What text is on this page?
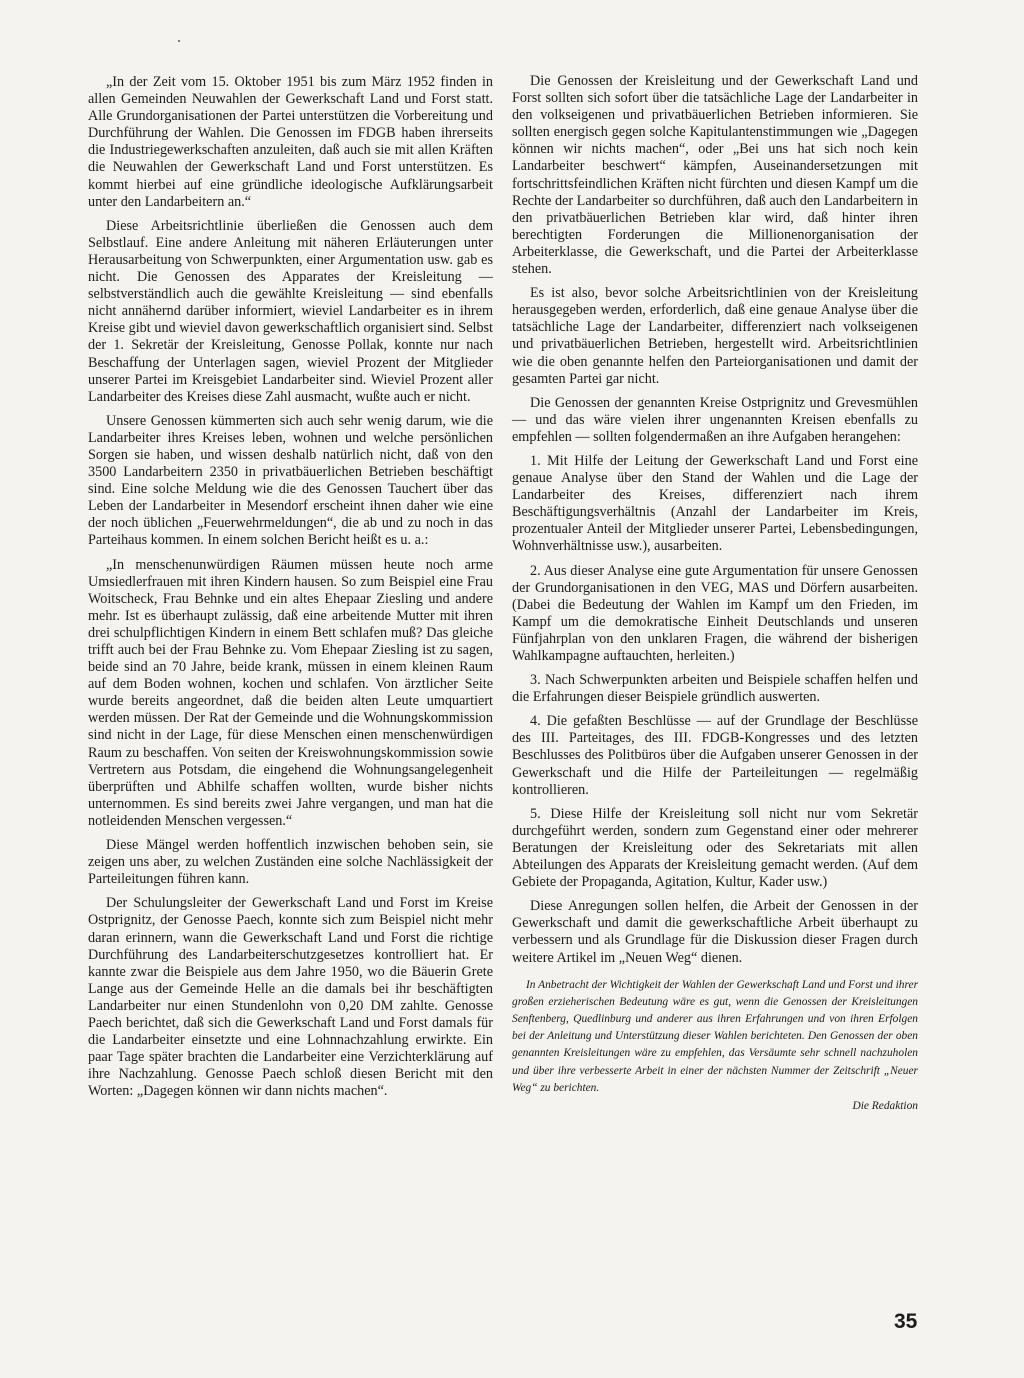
„In der Zeit vom 15. Oktober 1951 bis zum März 1952 finden in allen Gemeinden Neuwahlen der Gewerkschaft Land und Forst statt. Alle Grundorganisationen der Partei unterstützen die Vorbereitung und Durchführung der Wahlen. Die Genossen im FDGB haben ihrerseits die Industriegewerkschaften anzuleiten, daß auch sie mit allen Kräften die Neuwahlen der Gewerkschaft Land und Forst unterstützen. Es kommt hierbei auf eine gründliche ideologische Aufklärungsarbeit unter den Landarbeitern an.“

Diese Arbeitsrichtlinie überließen die Genossen auch dem Selbstlauf. Eine andere Anleitung mit näheren Erläuterungen unter Herausarbeitung von Schwerpunkten, einer Argumentation usw. gab es nicht. Die Genossen des Apparates der Kreisleitung — selbstverständlich auch die gewählte Kreisleitung — sind ebenfalls nicht annähernd darüber informiert, wieviel Landarbeiter es in ihrem Kreise gibt und wieviel davon gewerkschaftlich organisiert sind. Selbst der 1. Sekretär der Kreisleitung, Genosse Pollak, konnte nur nach Beschaffung der Unterlagen sagen, wieviel Prozent der Mitglieder unserer Partei im Kreisgebiet Landarbeiter sind. Wieviel Prozent aller Landarbeiter des Kreises diese Zahl ausmacht, wußte auch er nicht.

Unsere Genossen kümmerten sich auch sehr wenig darum, wie die Landarbeiter ihres Kreises leben, wohnen und welche persönlichen Sorgen sie haben, und wissen deshalb natürlich nicht, daß von den 3500 Landarbeitern 2350 in privatbäuerlichen Betrieben beschäftigt sind. Eine solche Meldung wie die des Genossen Tauchert über das Leben der Landarbeiter in Mesendorf erscheint ihnen daher wie eine der noch üblichen „Feuerwehrmeldungen“, die ab und zu noch in das Parteihaus kommen. In einem solchen Bericht heißt es u. a.:

„In menschenunwürdigen Räumen müssen heute noch arme Umsiedlerfrauen mit ihren Kindern hausen. So zum Beispiel eine Frau Woitscheck, Frau Behnke und ein altes Ehepaar Ziesling und andere mehr. Ist es überhaupt zulässig, daß eine arbeitende Mutter mit ihren drei schulpflichtigen Kindern in einem Bett schlafen muß? Das gleiche trifft auch bei der Frau Behnke zu. Vom Ehepaar Ziesling ist zu sagen, beide sind an 70 Jahre, beide krank, müssen in einem kleinen Raum auf dem Boden wohnen, kochen und schlafen. Von ärztlicher Seite wurde bereits angeordnet, daß die beiden alten Leute umquartiert werden müssen. Der Rat der Gemeinde und die Wohnungskommission sind nicht in der Lage, für diese Menschen einen menschenwürdigen Raum zu beschaffen. Von seiten der Kreiswohnungskommission sowie Vertretern aus Potsdam, die eingehend die Wohnungsangelegenheit überprüften und Abhilfe schaffen wollten, wurde bisher nichts unternommen. Es sind bereits zwei Jahre vergangen, und man hat die notleidenden Menschen vergessen.“

Diese Mängel werden hoffentlich inzwischen behoben sein, sie zeigen uns aber, zu welchen Zuständen eine solche Nachlässigkeit der Parteileitungen führen kann.

Der Schulungsleiter der Gewerkschaft Land und Forst im Kreise Ostprignitz, der Genosse Paech, konnte sich zum Beispiel nicht mehr daran erinnern, wann die Gewerkschaft Land und Forst die richtige Durchführung des Landarbeiterschutzgesetzes kontrolliert hat. Er kannte zwar die Beispiele aus dem Jahre 1950, wo die Bäuerin Grete Lange aus der Gemeinde Helle an die damals bei ihr beschäftigten Landarbeiter nur einen Stundenlohn von 0,20 DM zahlte. Genosse Paech berichtet, daß sich die Gewerkschaft Land und Forst damals für die Landarbeiter einsetzte und eine Lohnnachzahlung erwirkte. Ein paar Tage später brachten die Landarbeiter eine Verzichterklärung auf ihre Nachzahlung. Genosse Paech schloß diesen Bericht mit den Worten: „Dagegen können wir dann nichts machen“.

Die Genossen der Kreisleitung und der Gewerkschaft Land und Forst sollten sich sofort über die tatsächliche Lage der Landarbeiter in den volkseigenen und privatbäuerlichen Betrieben informieren. Sie sollten energisch gegen solche Kapitulantenstimmungen wie „Dagegen können wir nichts machen“, oder „Bei uns hat sich noch kein Landarbeiter beschwert“ kämpfen, Auseinandersetzungen mit fortschrittsfeindlichen Kräften nicht fürchten und diesen Kampf um die Rechte der Landarbeiter so durchführen, daß auch den Landarbeitern in den privatbäuerlichen Betrieben klar wird, daß hinter ihren berechtigten Forderungen die Millionenorganisation der Arbeiterklasse, die Gewerkschaft, und die Partei der Arbeiterklasse stehen.

Es ist also, bevor solche Arbeitsrichtlinien von der Kreisleitung herausgegeben werden, erforderlich, daß eine genaue Analyse über die tatsächliche Lage der Landarbeiter, differenziert nach volkseigenen und privatbäuerlichen Betrieben, hergestellt wird. Arbeitsrichtlinien wie die oben genannte helfen den Parteiorganisationen und damit der gesamten Partei gar nicht.

Die Genossen der genannten Kreise Ostprignitz und Grevesmühlen — und das wäre vielen ihrer ungenannten Kreisen ebenfalls zu empfehlen — sollten folgendermaßen an ihre Aufgaben herangehen:

1. Mit Hilfe der Leitung der Gewerkschaft Land und Forst eine genaue Analyse über den Stand der Wahlen und die Lage der Landarbeiter des Kreises, differenziert nach ihrem Beschäftigungsverhältnis (Anzahl der Landarbeiter im Kreis, prozentualer Anteil der Mitglieder unserer Partei, Lebensbedingungen, Wohnverhältnisse usw.), ausarbeiten.

2. Aus dieser Analyse eine gute Argumentation für unsere Genossen der Grundorganisationen in den VEG, MAS und Dörfern ausarbeiten. (Dabei die Bedeutung der Wahlen im Kampf um den Frieden, im Kampf um die demokratische Einheit Deutschlands und unseren Fünfjahrplan von den unklaren Fragen, die während der bisherigen Wahlkampagne auftauchten, herleiten.)

3. Nach Schwerpunkten arbeiten und Beispiele schaffen helfen und die Erfahrungen dieser Beispiele gründlich auswerten.

4. Die gefaßten Beschlüsse — auf der Grundlage der Beschlüsse des III. Parteitages, des III. FDGB-Kongresses und des letzten Beschlusses des Politbüros über die Aufgaben unserer Genossen in der Gewerkschaft und die Hilfe der Parteileitungen — regelmäßig kontrollieren.

5. Diese Hilfe der Kreisleitung soll nicht nur vom Sekretär durchgeführt werden, sondern zum Gegenstand einer oder mehrerer Beratungen der Kreisleitung oder des Sekretariats mit allen Abteilungen des Apparats der Kreisleitung gemacht werden. (Auf dem Gebiete der Propaganda, Agitation, Kultur, Kader usw.)

Diese Anregungen sollen helfen, die Arbeit der Genossen in der Gewerkschaft und damit die gewerkschaftliche Arbeit überhaupt zu verbessern und als Grundlage für die Diskussion dieser Fragen durch weitere Artikel im „Neuen Weg“ dienen.

In Anbetracht der Wichtigkeit der Wahlen der Gewerkschaft Land und Forst und ihrer großen erzieherischen Bedeutung wäre es gut, wenn die Genossen der Kreisleitungen Senftenberg, Quedlinburg und anderer aus ihren Erfahrungen und von ihren Erfolgen bei der Anleitung und Unterstützung dieser Wahlen berichteten. Den Genossen der oben genannten Kreisleitungen wäre zu empfehlen, das Versäumte sehr schnell nachzuholen und über ihre verbesserte Arbeit in einer der nächsten Nummer der Zeitschrift „Neuer Weg“ zu berichten.

Die Redaktion
35
